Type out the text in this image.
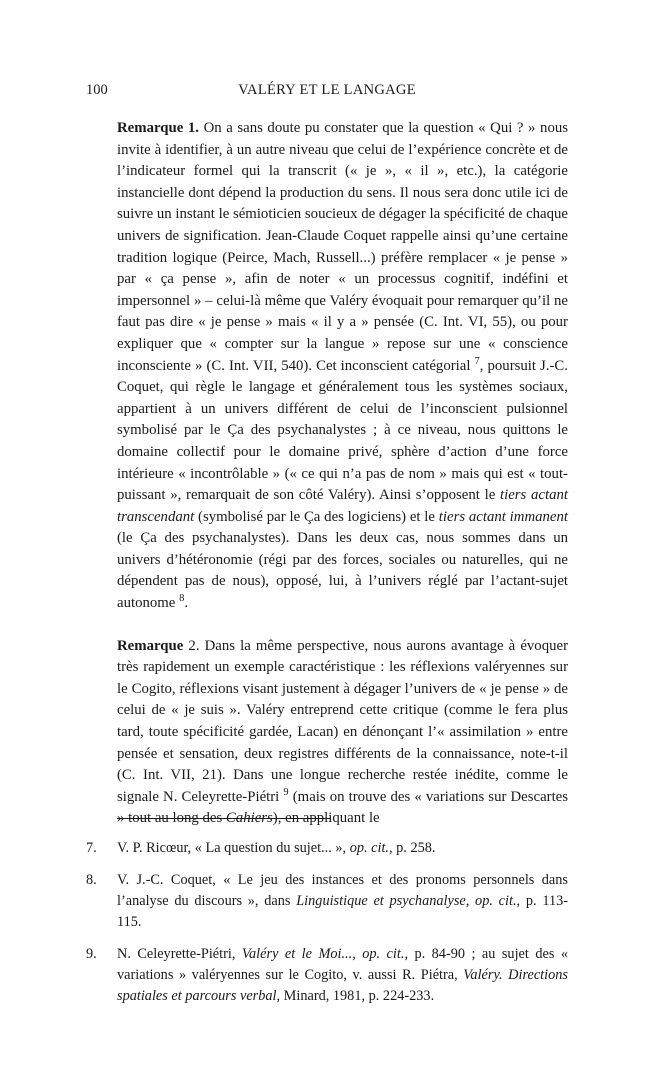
100	VALÉRY ET LE LANGAGE

Remarque 1. On a sans doute pu constater que la question « Qui ? » nous invite à identifier, à un autre niveau que celui de l’expérience concrète et de l’indicateur formel qui la transcrit (« je », « il », etc.), la catégorie instancielle dont dépend la production du sens. Il nous sera donc utile ici de suivre un instant le sémioticien soucieux de dégager la spécificité de chaque univers de signification. Jean-Claude Coquet rappelle ainsi qu’une certaine tradition logique (Peirce, Mach, Russell...) préfère remplacer « je pense » par « ça pense », afin de noter « un processus cognitif, indéfini et impersonnel » – celui-là même que Valéry évoquait pour remarquer qu’il ne faut pas dire « je pense » mais « il y a » pensée (C. Int. VI, 55), ou pour expliquer que « compter sur la langue » repose sur une « conscience inconsciente » (C. Int. VII, 540). Cet inconscient catégorial $^7$, poursuit J.-C. Coquet, qui règle le langage et généralement tous les systèmes sociaux, appartient à un univers différent de celui de l’inconscient pulsionnel symbolisé par le Ça des psychanalystes ; à ce niveau, nous quittons le domaine collectif pour le domaine privé, sphère d’action d’une force intérieure « incontrôlable » (« ce qui n’a pas de nom » mais qui est « tout-puissant », remarquait de son côté Valéry). Ainsi s’opposent le tiers actant transcendant (symbolisé par le Ça des logiciens) et le tiers actant immanent (le Ça des psychanalystes). Dans les deux cas, nous sommes dans un univers d’hétéronomie (régi par des forces, sociales ou naturelles, qui ne dépendent pas de nous), opposé, lui, à l’univers réglé par l’actant-sujet autonome $^8$.

Remarque 2. Dans la même perspective, nous aurons avantage à évoquer très rapidement un exemple caractéristique : les réflexions valéryennes sur le Cogito, réflexions visant justement à dégager l’univers de « je pense » de celui de « je suis ». Valéry entreprend cette critique (comme le fera plus tard, toute spécificité gardée, Lacan) en dénonçant l’« assimilation » entre pensée et sensation, deux registres différents de la connaissance, note-t-il (C. Int. VII, 21). Dans une longue recherche restée inédite, comme le signale N. Celeyrette-Piétri $^9$ (mais on trouve des « variations sur Descartes » tout au long des Cahiers), en appliquant le

7. V. P. Ricœur, « La question du sujet... », op. cit., p. 258.
8. V. J.-C. Coquet, « Le jeu des instances et des pronoms personnels dans l’analyse du discours », dans Linguistique et psychanalyse, op. cit., p. 113-115.
9. N. Celeyrette-Piétri, Valéry et le Moi..., op. cit., p. 84-90 ; au sujet des « variations » valéryennes sur le Cogito, v. aussi R. Piétra, Valéry. Directions spatiales et parcours verbal, Minard, 1981, p. 224-233.
